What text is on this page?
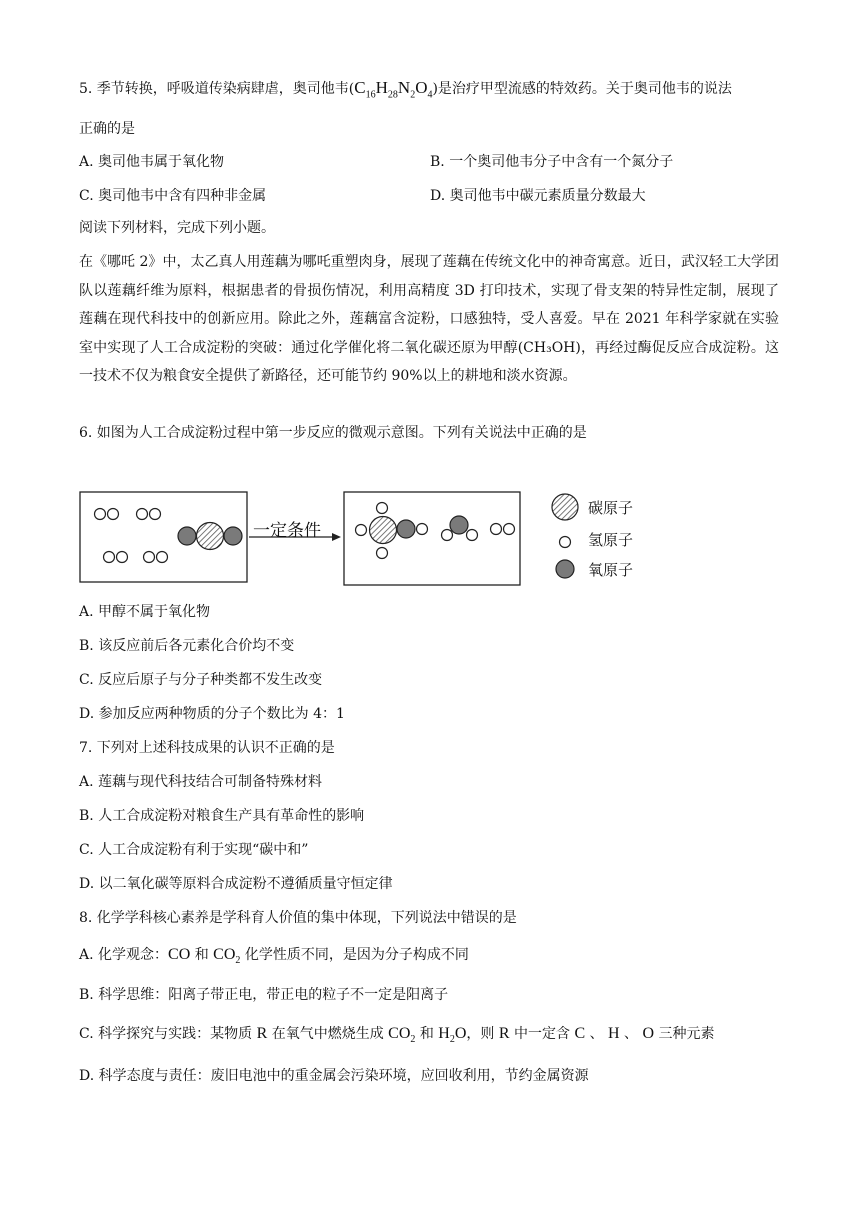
5. 季节转换，呼吸道传染病肆虐，奥司他韦$(C_{16}H_{28}N_2O_4)$是治疗甲型流感的特效药。关于奥司他韦的说法
正确的是
A. 奥司他韦属于氧化物	B. 一个奥司他韦分子中含有一个氮分子
C. 奥司他韦中含有四种非金属	D. 奥司他韦中碳元素质量分数最大
阅读下列材料，完成下列小题。
在《哪吒 2》中，太乙真人用莲藕为哪吒重塑肉身，展现了莲藕在传统文化中的神奇寓意。近日，武汉轻工大学团队以莲藕纤维为原料，根据患者的骨损伤情况，利用高精度 3D 打印技术，实现了骨支架的特异性定制，展现了莲藕在现代科技中的创新应用。除此之外，莲藕富含淀粉，口感独特，受人喜爱。早在 2021 年科学家就在实验室中实现了人工合成淀粉的突破：通过化学催化将二氧化碳还原为甲醇(CH₃OH)，再经过酶促反应合成淀粉。这一技术不仅为粮食安全提供了新路径，还可能节约 90%以上的耕地和淡水资源。
6. 如图为人工合成淀粉过程中第一步反应的微观示意图。下列有关说法中正确的是
一定条件
碳原子
氢原子
氧原子
A. 甲醇不属于氧化物
B. 该反应前后各元素化合价均不变
C. 反应后原子与分子种类都不发生改变
D. 参加反应两种物质的分子个数比为 4：1
7. 下列对上述科技成果的认识不正确的是
A. 莲藕与现代科技结合可制备特殊材料
B. 人工合成淀粉对粮食生产具有革命性的影响
C. 人工合成淀粉有利于实现“碳中和”
D. 以二氧化碳等原料合成淀粉不遵循质量守恒定律
8. 化学学科核心素养是学科育人价值的集中体现，下列说法中错误的是
A. 化学观念：CO 和 $CO_2$ 化学性质不同，是因为分子构成不同
B. 科学思维：阳离子带正电，带正电的粒子不一定是阳离子
C. 科学探究与实践：某物质 R 在氧气中燃烧生成 $CO_2$ 和 $H_2O$，则 R 中一定含 C 、 H 、 O 三种元素
D. 科学态度与责任：废旧电池中的重金属会污染环境，应回收利用，节约金属资源
